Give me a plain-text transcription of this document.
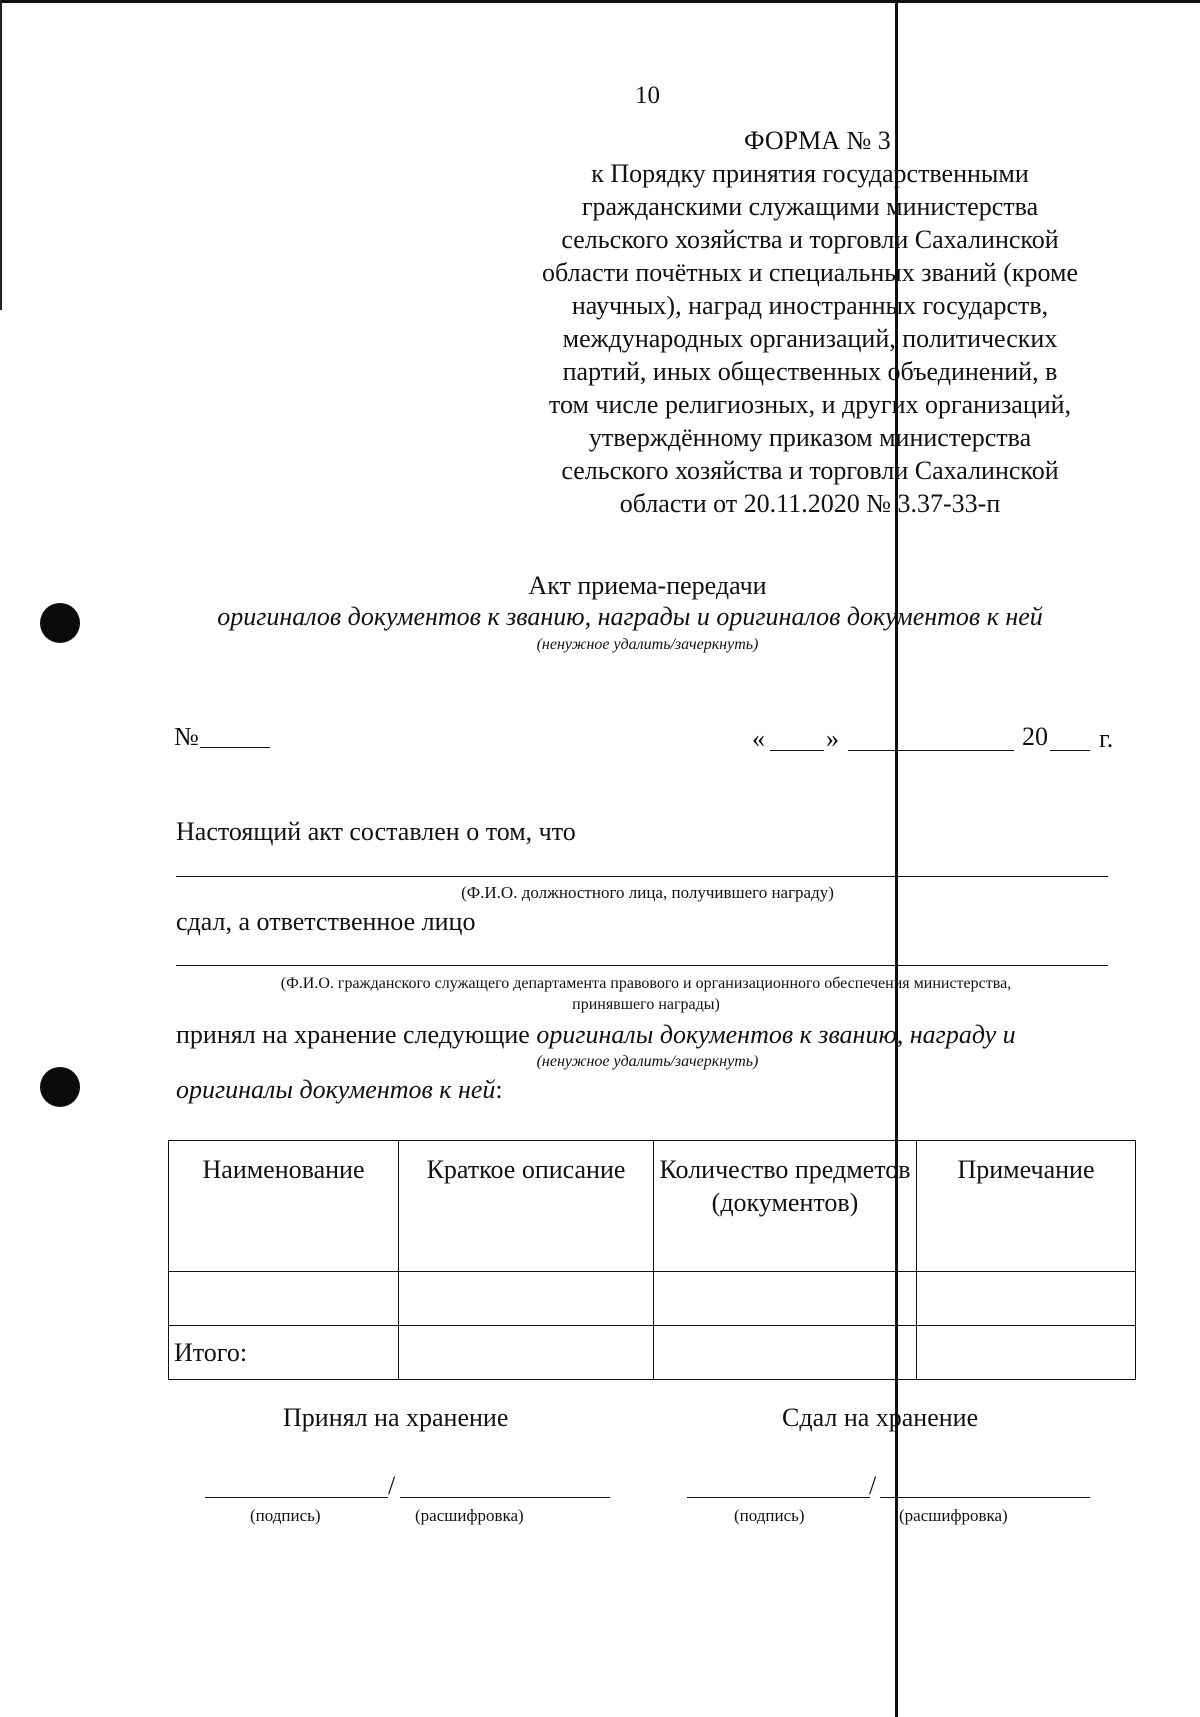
10
ФОРМА № 3
к Порядку принятия государственными
гражданскими служащими министерства
сельского хозяйства и торговли Сахалинской
области почётных и специальных званий (кроме
научных), наград иностранных государств,
международных организаций, политических
партий, иных общественных объединений, в
том числе религиозных, и других организаций,
утверждённому приказом министерства
сельского хозяйства и торговли Сахалинской
области от 20.11.2020 № 3.37-33-п
Акт приема-передачи
оригиналов документов к званию, награды и оригиналов документов к ней
(ненужное удалить/зачеркнуть)
№	« »	20 г.
Настоящий акт составлен о том, что
(Ф.И.О. должностного лица, получившего награду)
сдал, а ответственное лицо
(Ф.И.О. гражданского служащего департамента правового и организационного обеспечения министерства,
принявшего награды)
принял на хранение следующие оригиналы документов к званию, награду и
(ненужное удалить/зачеркнуть)
оригиналы документов к ней:
Наименование	Краткое описание	Количество предметов (документов)	Примечание

Итого:			
Принял на хранение	Сдал на хранение
/
(подпись)	(расшифровка)
/
(подпись)	(расшифровка)
